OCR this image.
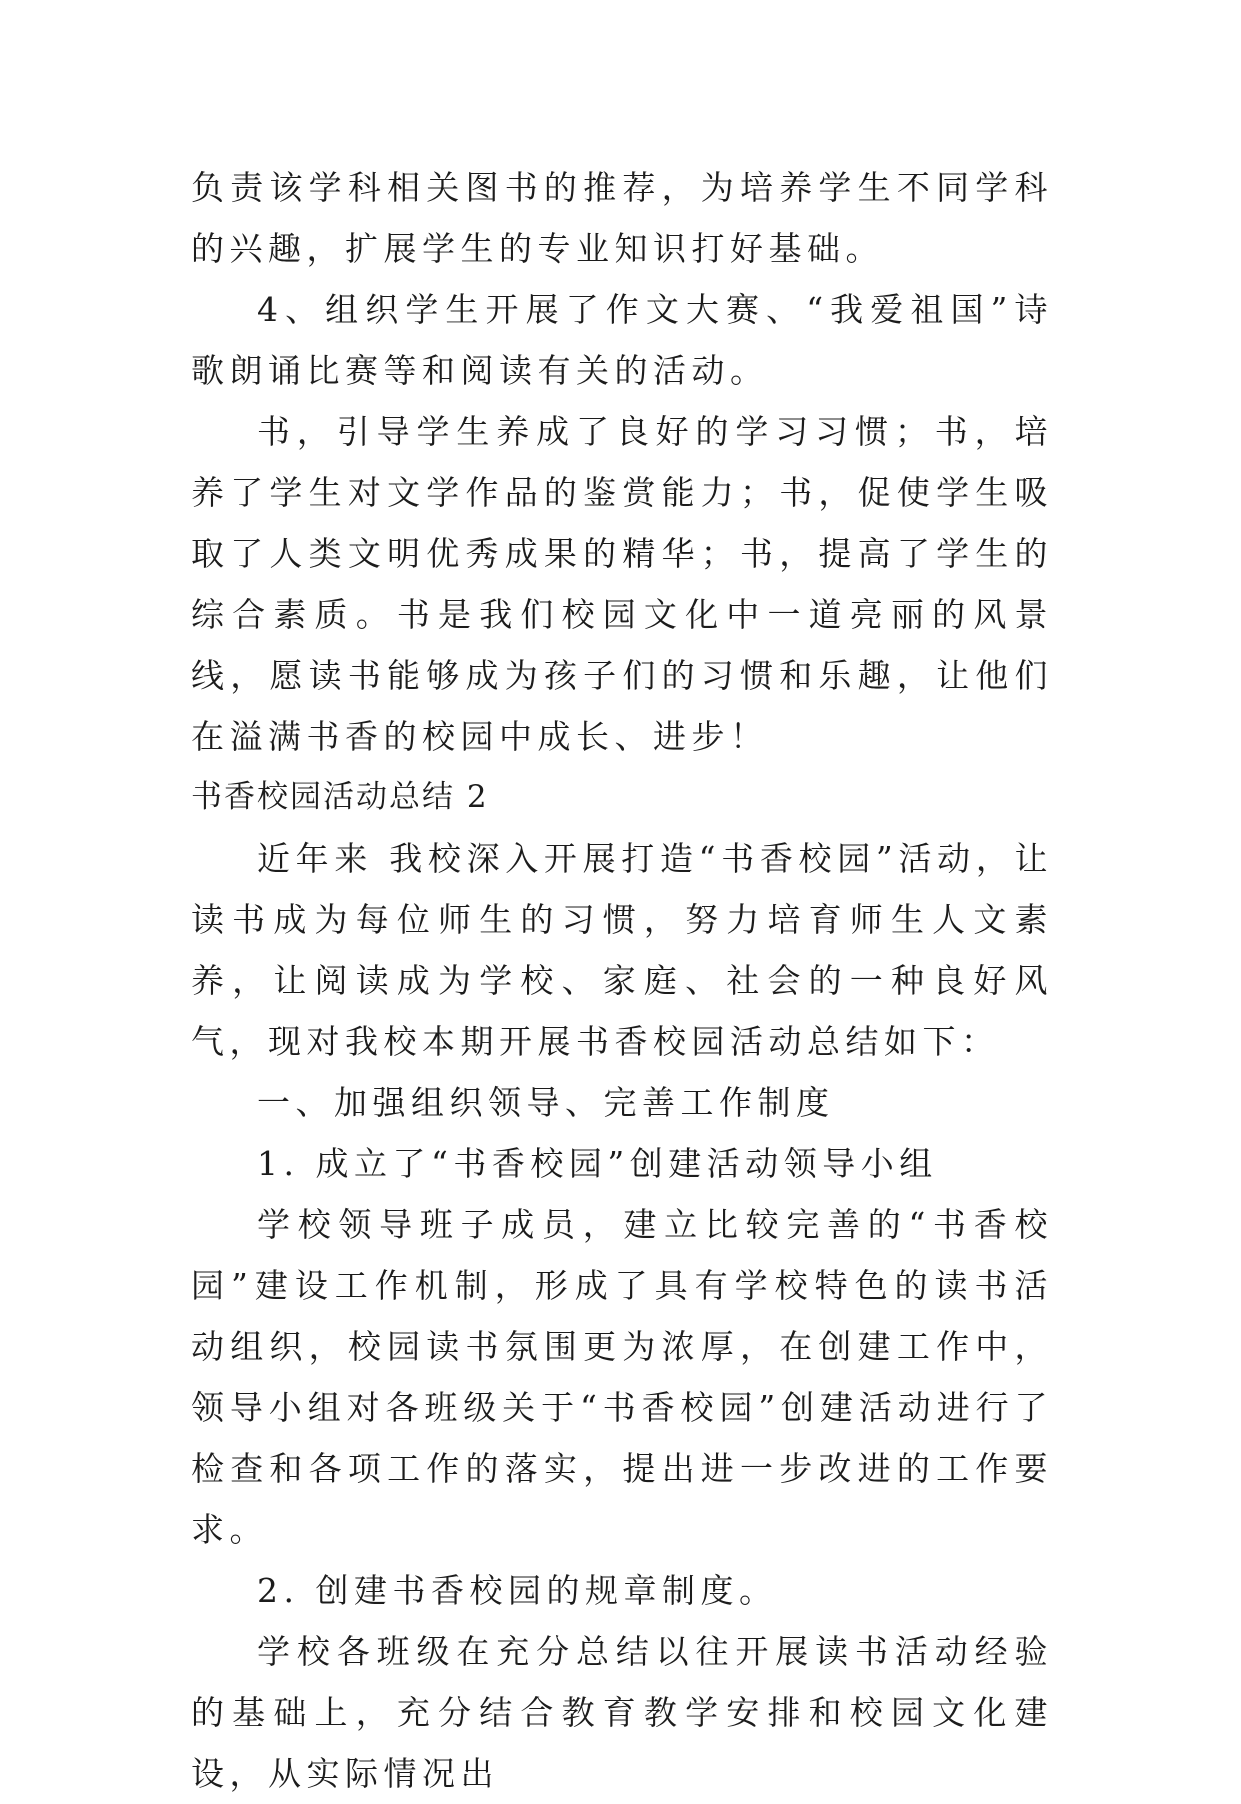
负责该学科相关图书的推荐，为培养学生不同学科的兴趣，扩展学生的专业知识打好基础。

4、组织学生开展了作文大赛、“我爱祖国”诗歌朗诵比赛等和阅读有关的活动。

书，引导学生养成了良好的学习习惯；书，培养了学生对文学作品的鉴赏能力；书，促使学生吸取了人类文明优秀成果的精华；书，提高了学生的综合素质。书是我们校园文化中一道亮丽的风景线，愿读书能够成为孩子们的习惯和乐趣，让他们在溢满书香的校园中成长、进步！

书香校园活动总结 2

近年来 我校深入开展打造“书香校园”活动，让读书成为每位师生的习惯，努力培育师生人文素养，让阅读成为学校、家庭、社会的一种良好风气，现对我校本期开展书香校园活动总结如下：

一、加强组织领导、完善工作制度

1. 成立了“书香校园”创建活动领导小组

学校领导班子成员，建立比较完善的“书香校园”建设工作机制，形成了具有学校特色的读书活动组织，校园读书氛围更为浓厚，在创建工作中，领导小组对各班级关于“书香校园”创建活动进行了检查和各项工作的落实，提出进一步改进的工作要求。

2. 创建书香校园的规章制度。

学校各班级在充分总结以往开展读书活动经验的基础上，充分结合教育教学安排和校园文化建设，从实际情况出
